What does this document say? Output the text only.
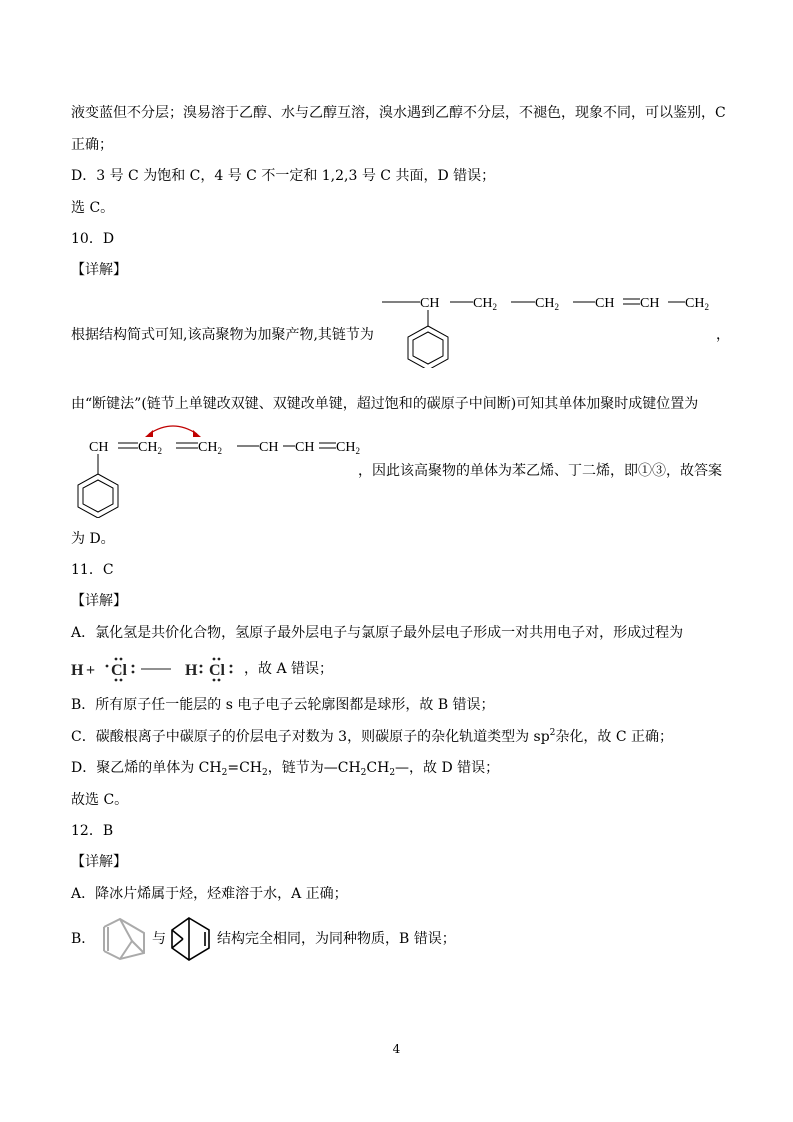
液变蓝但不分层；溴易溶于乙醇、水与乙醇互溶，溴水遇到乙醇不分层，不褪色，现象不同，可以鉴别，C
正确；
D．3 号 C 为饱和 C，4 号 C 不一定和 1,2,3 号 C 共面，D 错误；
选 C。
10．D
【详解】
CH $CH_2$	$CH_2$	CH CH $CH_2$
根据结构简式可知,该高聚物为加聚产物,其链节为	，
由“断键法”(链节上单键改双键、双键改单键，超过饱和的碳原子中间断)可知其单体加聚时成键位置为
CH $CH_2$	$CH_2$	CH CH $CH_2$
，因此该高聚物的单体为苯乙烯、丁二烯，即①③，故答案
为 D。
11．C
【详解】
A．氯化氢是共价化合物，氢原子最外层电子与氯原子最外层电子形成一对共用电子对，形成过程为
H + Cl	H Cl ，故 A 错误；
B．所有原子任一能层的 s 电子电子云轮廓图都是球形，故 B 错误；
C．碳酸根离子中碳原子的价层电子对数为 3，则碳原子的杂化轨道类型为 $sp^2$杂化，故 C 正确；
D．聚乙烯的单体为 $CH_2=CH_2$，链节为$—CH_2CH_2—$，故 D 错误；
故选 C。
12．B
【详解】
A．降冰片烯属于烃，烃难溶于水，A 正确；
B．	与	结构完全相同，为同种物质，B 错误；
4
